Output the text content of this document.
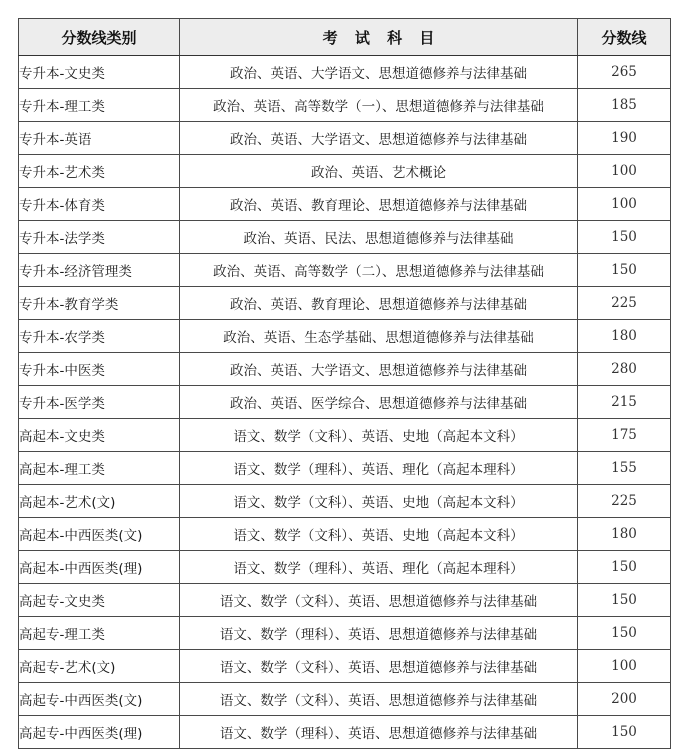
分数线类别	考 试 科 目	分数线
专升本-文史类	政治、英语、大学语文、思想道德修养与法律基础	265
专升本-理工类	政治、英语、高等数学（一）、思想道德修养与法律基础	185
专升本-英语	政治、英语、大学语文、思想道德修养与法律基础	190
专升本-艺术类	政治、英语、艺术概论	100
专升本-体育类	政治、英语、教育理论、思想道德修养与法律基础	100
专升本-法学类	政治、英语、民法、思想道德修养与法律基础	150
专升本-经济管理类	政治、英语、高等数学（二）、思想道德修养与法律基础	150
专升本-教育学类	政治、英语、教育理论、思想道德修养与法律基础	225
专升本-农学类	政治、英语、生态学基础、思想道德修养与法律基础	180
专升本-中医类	政治、英语、大学语文、思想道德修养与法律基础	280
专升本-医学类	政治、英语、医学综合、思想道德修养与法律基础	215
高起本-文史类	语文、数学（文科）、英语、史地（高起本文科）	175
高起本-理工类	语文、数学（理科）、英语、理化（高起本理科）	155
高起本-艺术(文)	语文、数学（文科）、英语、史地（高起本文科）	225
高起本-中西医类(文)	语文、数学（文科）、英语、史地（高起本文科）	180
高起本-中西医类(理)	语文、数学（理科）、英语、理化（高起本理科）	150
高起专-文史类	语文、数学（文科）、英语、思想道德修养与法律基础	150
高起专-理工类	语文、数学（理科）、英语、思想道德修养与法律基础	150
高起专-艺术(文)	语文、数学（文科）、英语、思想道德修养与法律基础	100
高起专-中西医类(文)	语文、数学（文科）、英语、思想道德修养与法律基础	200
高起专-中西医类(理)	语文、数学（理科）、英语、思想道德修养与法律基础	150
